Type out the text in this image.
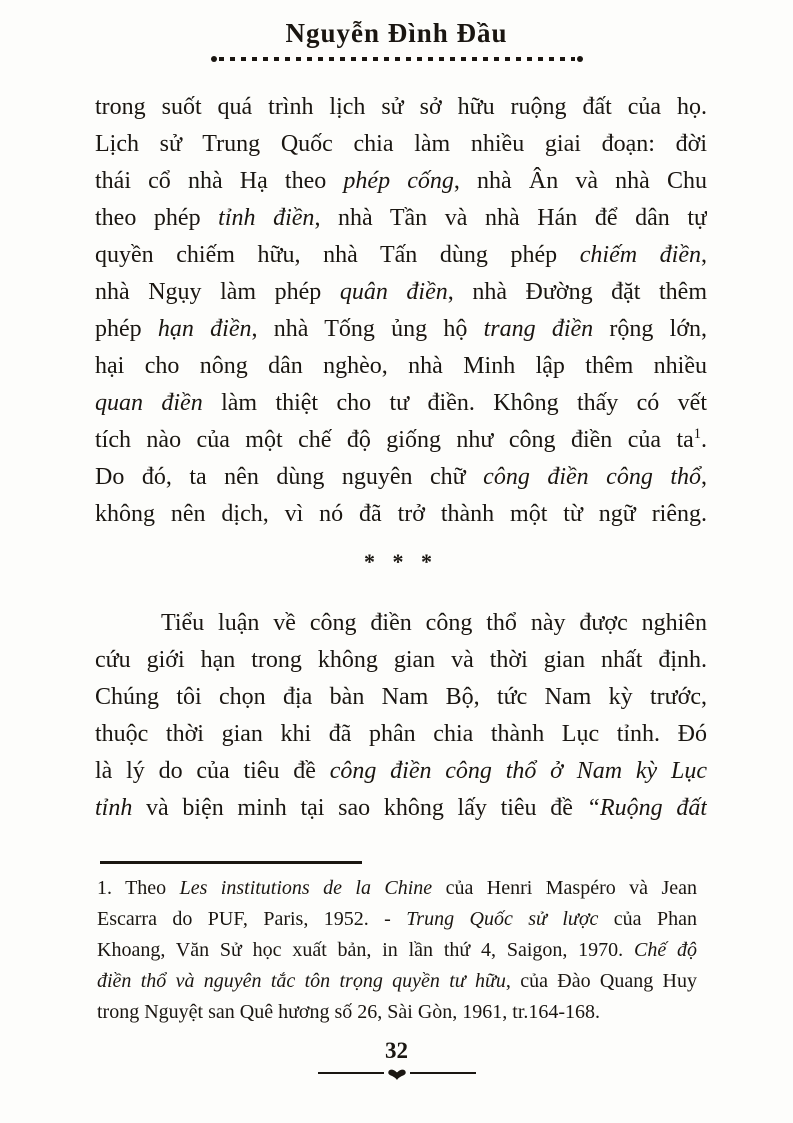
Nguyễn Đình Đầu
trong suốt quá trình lịch sử sở hữu ruộng đất của họ.
Lịch sử Trung Quốc chia làm nhiều giai đoạn: đời
thái cổ nhà Hạ theo phép cống, nhà Ân và nhà Chu
theo phép tỉnh điền, nhà Tần và nhà Hán để dân tự
quyền chiếm hữu, nhà Tấn dùng phép chiếm điền,
nhà Ngụy làm phép quân điền, nhà Đường đặt thêm
phép hạn điền, nhà Tống ủng hộ trang điền rộng lớn,
hại cho nông dân nghèo, nhà Minh lập thêm nhiều
quan điền làm thiệt cho tư điền. Không thấy có vết
tích nào của một chế độ giống như công điền của $ta^1$.
Do đó, ta nên dùng nguyên chữ công điền công thổ,
không nên dịch, vì nó đã trở thành một từ ngữ riêng.
* * *
Tiểu luận về công điền công thổ này được nghiên
cứu giới hạn trong không gian và thời gian nhất định.
Chúng tôi chọn địa bàn Nam Bộ, tức Nam kỳ trước,
thuộc thời gian khi đã phân chia thành Lục tỉnh. Đó
là lý do của tiêu đề công điền công thổ ở Nam kỳ Lục
tỉnh và biện minh tại sao không lấy tiêu đề “Ruộng đất
1. Theo Les institutions de la Chine của Henri Maspéro và Jean
Escarra do PUF, Paris, 1952. - Trung Quốc sử lược của Phan
Khoang, Văn Sử học xuất bản, in lần thứ 4, Saigon, 1970. Chế độ
điền thổ và nguyên tắc tôn trọng quyền tư hữu, của Đào Quang Huy
trong Nguyệt san Quê hương số 26, Sài Gòn, 1961, tr.164-168.
32
